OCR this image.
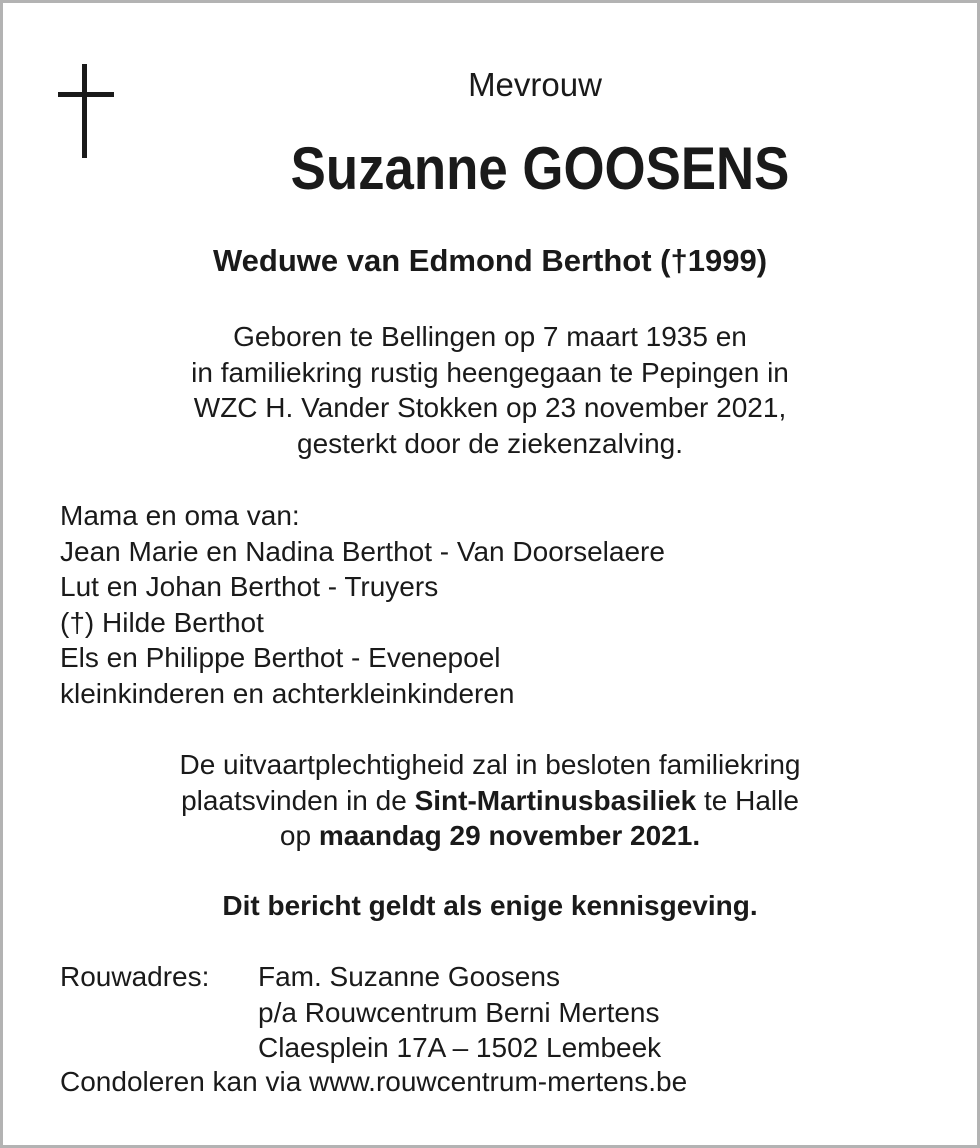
Mevrouw
Suzanne GOOSENS
Weduwe van Edmond Berthot (†1999)
Geboren te Bellingen op 7 maart 1935 en
in familiekring rustig heengegaan te Pepingen in
WZC H. Vander Stokken op 23 november 2021,
gesterkt door de ziekenzalving.
Mama en oma van:
Jean Marie en Nadina Berthot - Van Doorselaere
Lut en Johan Berthot - Truyers
(†) Hilde Berthot
Els en Philippe Berthot - Evenepoel
kleinkinderen en achterkleinkinderen
De uitvaartplechtigheid zal in besloten familiekring
plaatsvinden in de Sint-Martinusbasiliek te Halle
op maandag 29 november 2021.
Dit bericht geldt als enige kennisgeving.
Rouwadres:	Fam. Suzanne Goosens
p/a Rouwcentrum Berni Mertens
Claesplein 17A – 1502 Lembeek
Condoleren kan via www.rouwcentrum-mertens.be
